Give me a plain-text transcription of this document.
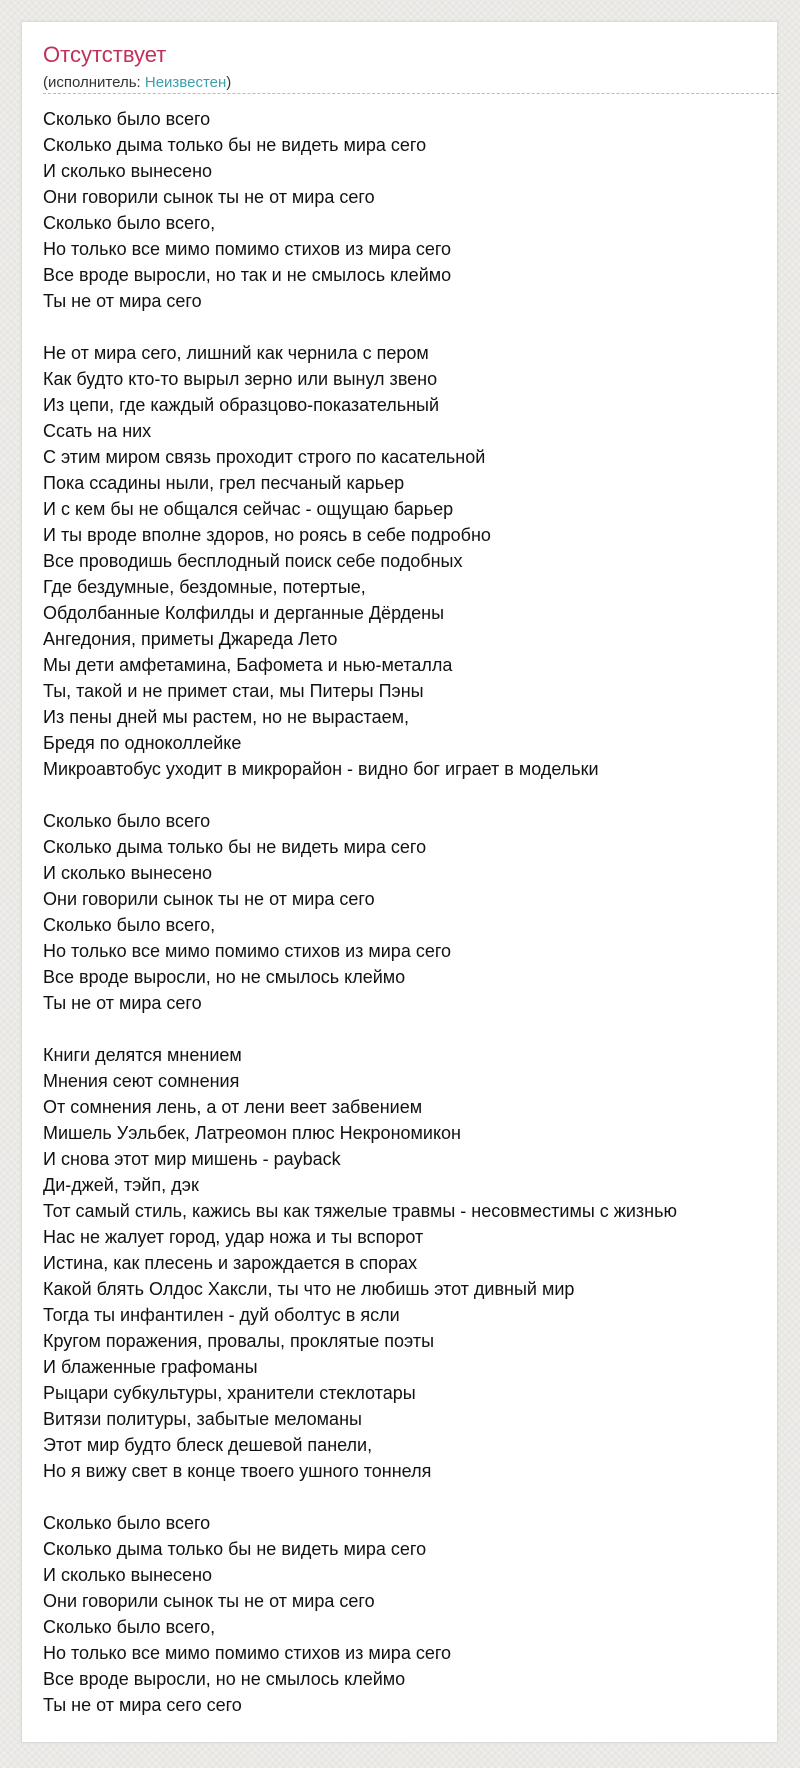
Отсутствует
(исполнитель: Неизвестен)
Сколько было всего
Сколько дыма только бы не видеть мира сего
И сколько вынесено
Они говорили сынок ты не от мира сего
Сколько было всего,
Но только все мимо помимо стихов из мира сего
Все вроде выросли, но так и не смылось клеймо
Ты не от мира сего
Не от мира сего, лишний как чернила с пером
Как будто кто-то вырыл зерно или вынул звено
Из цепи, где каждый образцово-показательный
Ссать на них
С этим миром связь проходит строго по касательной
Пока ссадины ныли, грел песчаный карьер
И с кем бы не общался сейчас - ощущаю барьер
И ты вроде вполне здоров, но роясь в себе подробно
Все проводишь бесплодный поиск себе подобных
Где бездумные, бездомные, потертые,
Обдолбанные Колфилды и дерганные Дёрдены
Ангедония, приметы Джареда Лето
Мы дети амфетамина, Бафомета и нью-металла
Ты, такой и не примет стаи, мы Питеры Пэны
Из пены дней мы растем, но не вырастаем,
Бредя по одноколлейке
Микроавтобус уходит в микрорайон - видно бог играет в модельки
Сколько было всего
Сколько дыма только бы не видеть мира сего
И сколько вынесено
Они говорили сынок ты не от мира сего
Сколько было всего,
Но только все мимо помимо стихов из мира сего
Все вроде выросли, но не смылось клеймо
Ты не от мира сего
Книги делятся мнением
Мнения сеют сомнения
От сомнения лень, а от лени веет забвением
Мишель Уэльбек, Латреомон плюс Некрономикон
И снова этот мир мишень - payback
Ди-джей, тэйп, дэк
Тот самый стиль, кажись вы как тяжелые травмы - несовместимы с жизнью
Нас не жалует город, удар ножа и ты вспорот
Истина, как плесень и зарождается в спорах
Какой блять Олдос Хаксли, ты что не любишь этот дивный мир
Тогда ты инфантилен - дуй оболтус в ясли
Кругом поражения, провалы, проклятые поэты
И блаженные графоманы
Рыцари субкультуры, хранители стеклотары
Витязи политуры, забытые меломаны
Этот мир будто блеск дешевой панели,
Но я вижу свет в конце твоего ушного тоннеля
Сколько было всего
Сколько дыма только бы не видеть мира сего
И сколько вынесено
Они говорили сынок ты не от мира сего
Сколько было всего,
Но только все мимо помимо стихов из мира сего
Все вроде выросли, но не смылось клеймо
Ты не от мира сего сего
